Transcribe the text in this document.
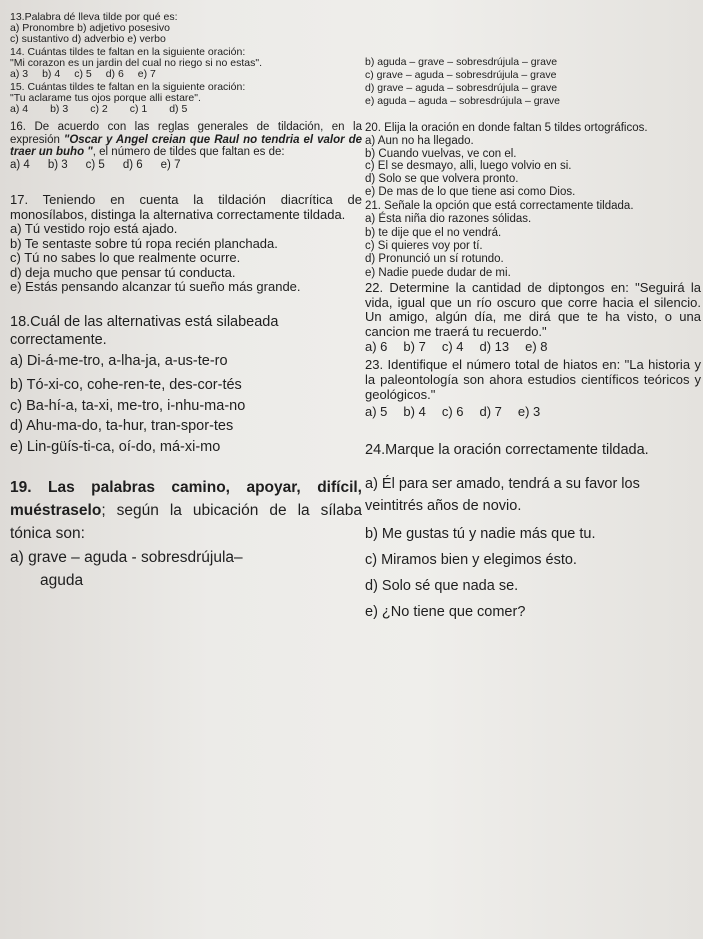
13.Palabra dé lleva tilde por qué es:

a) Pronombre b) adjetivo posesivo

c) sustantivo d) adverbio e) verbo

14. Cuántas tildes te faltan en la siguiente oración:

"Mi corazon es un jardin del cual no riego si no estas".

a) 3 b) 4 c) 5 d) 6 e) 7

15. Cuántas tildes te faltan en la siguiente oración:

"Tu aclarame tus ojos porque alli estare".

a) 4 b) 3 c) 2 c) 1 d) 5

16. De acuerdo con las reglas generales de tildación, en la expresión "Oscar y Angel creian que Raul no tendria el valor de traer un buho ", el número de tildes que faltan es de:

a) 4 b) 3 c) 5 d) 6 e) 7

17. Teniendo en cuenta la tildación diacrítica de monosílabos, distinga la alternativa correctamente tildada.

a) Tú vestido rojo está ajado.

b) Te sentaste sobre tú ropa recién planchada.

c) Tú no sabes lo que realmente ocurre.

d) deja mucho que pensar tú conducta.

e) Estás pensando alcanzar tú sueño más grande.

18.Cuál de las alternativas está silabeada correctamente.

a) Di-á-me-tro, a-lha-ja, a-us-te-ro

b) Tó-xi-co, cohe-ren-te, des-cor-tés

c) Ba-hí-a, ta-xi, me-tro, i-nhu-ma-no

d) Ahu-ma-do, ta-hur, tran-spor-tes

e) Lin-güís-ti-ca, oí-do, má-xi-mo

19. Las palabras camino, apoyar, difícil, muéstraselo; según la ubicación de la sílaba tónica son:

a) grave – aguda - sobresdrújula–

aguda

b) aguda – grave – sobresdrújula – grave

c) grave – aguda – sobresdrújula – grave

d) grave – aguda – sobresdrújula – grave

e) aguda – aguda – sobresdrújula – grave

20. Elija la oración en donde faltan 5 tildes ortográficos.

a) Aun no ha llegado.

b) Cuando vuelvas, ve con el.

c) El se desmayo, alli, luego volvio en si.

d) Solo se que volvera pronto.

e) De mas de lo que tiene asi como Dios.

21. Señale la opción que está correctamente tildada.

a) Ésta niña dio razones sólidas.

b) te dije que el no vendrá.

c) Si quieres voy por tí.

d) Pronunció un sí rotundo.

e) Nadie puede dudar de mi.

22. Determine la cantidad de diptongos en: "Seguirá la vida, igual que un río oscuro que corre hacia el silencio. Un amigo, algún día, me dirá que te ha visto, o una cancion me traerá tu recuerdo."

a) 6 b) 7 c) 4 d) 13 e) 8

23. Identifique el número total de hiatos en: "La historia y la paleontología son ahora estudios científicos teóricos y geológicos."

a) 5 b) 4 c) 6 d) 7 e) 3

24.Marque la oración correctamente tildada.

a) Él para ser amado, tendrá a su favor los veintitrés años de novio.

b) Me gustas tú y nadie más que tu.

c) Miramos bien y elegimos ésto.

d) Solo sé que nada se.

e) ¿No tiene que comer?
